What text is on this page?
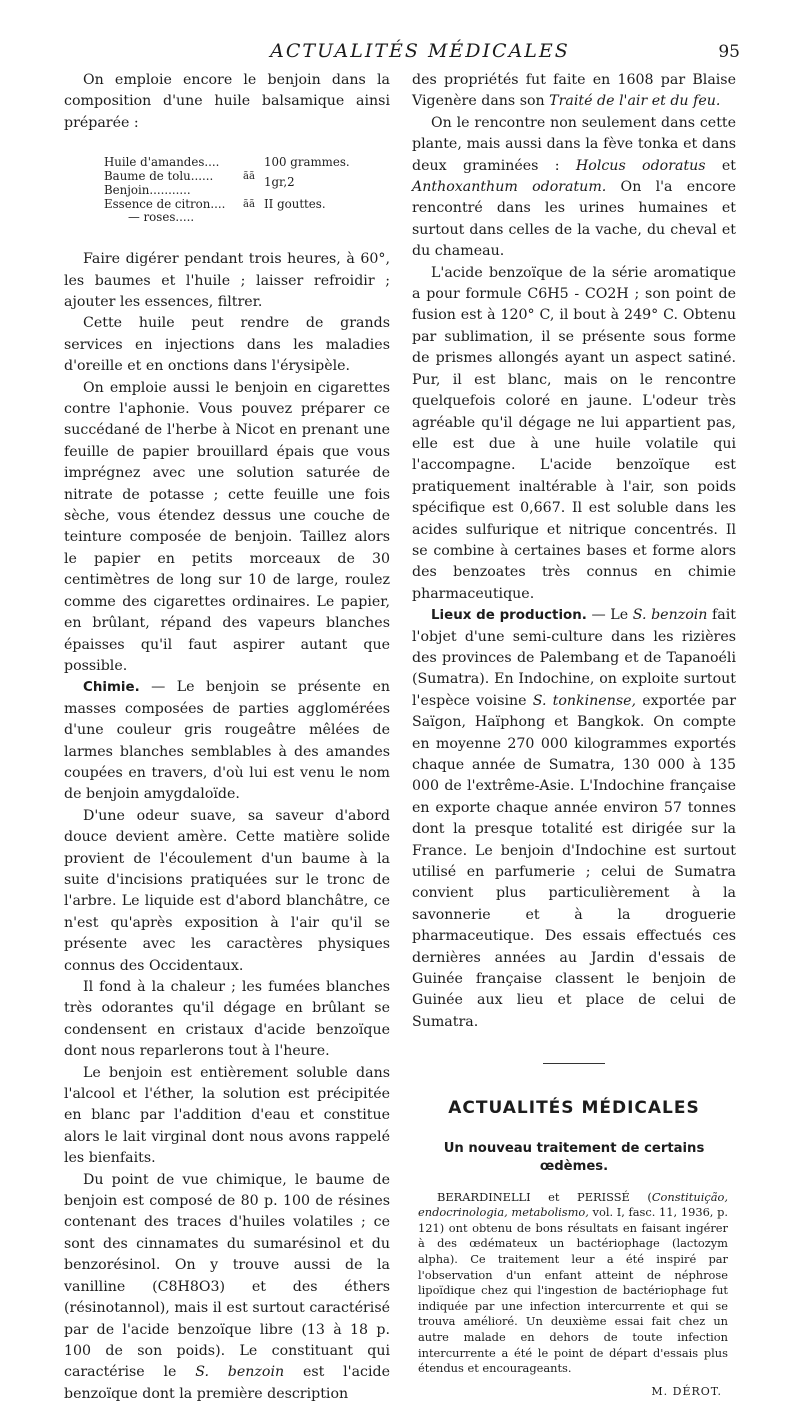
ACTUALITÉS MÉDICALES	95

On emploie encore le benjoin dans la composition d'une huile balsamique ainsi préparée :

Huile d'amandes....
Baume de tolu......
Benjoin...........
Essence de citron....
— roses.....

ãã

ãã

100 grammes.
1gr,2

II gouttes.

Faire digérer pendant trois heures, à 60°, les baumes et l'huile ; laisser refroidir ; ajouter les essences, filtrer.

Cette huile peut rendre de grands services en injections dans les maladies d'oreille et en onctions dans l'érysipèle.

On emploie aussi le benjoin en cigarettes contre l'aphonie. Vous pouvez préparer ce succédané de l'herbe à Nicot en prenant une feuille de papier brouillard épais que vous imprégnez avec une solution saturée de nitrate de potasse ; cette feuille une fois sèche, vous étendez dessus une couche de teinture composée de benjoin. Taillez alors le papier en petits morceaux de 30 centimètres de long sur 10 de large, roulez comme des cigarettes ordinaires. Le papier, en brûlant, répand des vapeurs blanches épaisses qu'il faut aspirer autant que possible.

Chimie. — Le benjoin se présente en masses composées de parties agglomérées d'une couleur gris rougeâtre mêlées de larmes blanches semblables à des amandes coupées en travers, d'où lui est venu le nom de benjoin amygdaloïde.

D'une odeur suave, sa saveur d'abord douce devient amère. Cette matière solide provient de l'écoulement d'un baume à la suite d'incisions pratiquées sur le tronc de l'arbre. Le liquide est d'abord blanchâtre, ce n'est qu'après exposition à l'air qu'il se présente avec les caractères physiques connus des Occidentaux.

Il fond à la chaleur ; les fumées blanches très odorantes qu'il dégage en brûlant se condensent en cristaux d'acide benzoïque dont nous reparlerons tout à l'heure.

Le benjoin est entièrement soluble dans l'alcool et l'éther, la solution est précipitée en blanc par l'addition d'eau et constitue alors le lait virginal dont nous avons rappelé les bienfaits.

Du point de vue chimique, le baume de benjoin est composé de 80 p. 100 de résines contenant des traces d'huiles volatiles ; ce sont des cinnamates du sumarésinol et du benzorésinol. On y trouve aussi de la vanilline (C8H8O3) et des éthers (résinotannol), mais il est surtout caractérisé par de l'acide benzoïque libre (13 à 18 p. 100 de son poids). Le constituant qui caractérise le S. benzoin est l'acide benzoïque dont la première description

des propriétés fut faite en 1608 par Blaise Vigenère dans son Traité de l'air et du feu.

On le rencontre non seulement dans cette plante, mais aussi dans la fève tonka et dans deux graminées : Holcus odoratus et Anthoxanthum odoratum. On l'a encore rencontré dans les urines humaines et surtout dans celles de la vache, du cheval et du chameau.

L'acide benzoïque de la série aromatique a pour formule C6H5 - CO2H ; son point de fusion est à 120° C, il bout à 249° C. Obtenu par sublimation, il se présente sous forme de prismes allongés ayant un aspect satiné. Pur, il est blanc, mais on le rencontre quelquefois coloré en jaune. L'odeur très agréable qu'il dégage ne lui appartient pas, elle est due à une huile volatile qui l'accompagne. L'acide benzoïque est pratiquement inaltérable à l'air, son poids spécifique est 0,667. Il est soluble dans les acides sulfurique et nitrique concentrés. Il se combine à certaines bases et forme alors des benzoates très connus en chimie pharmaceutique.

Lieux de production. — Le S. benzoin fait l'objet d'une semi-culture dans les rizières des provinces de Palembang et de Tapanoéli (Sumatra). En Indochine, on exploite surtout l'espèce voisine S. tonkinense, exportée par Saïgon, Haïphong et Bangkok. On compte en moyenne 270 000 kilogrammes exportés chaque année de Sumatra, 130 000 à 135 000 de l'extrême-Asie. L'Indochine française en exporte chaque année environ 57 tonnes dont la presque totalité est dirigée sur la France. Le benjoin d'Indochine est surtout utilisé en parfumerie ; celui de Sumatra convient plus particulièrement à la savonnerie et à la droguerie pharmaceutique. Des essais effectués ces dernières années au Jardin d'essais de Guinée française classent le benjoin de Guinée aux lieu et place de celui de Sumatra.

ACTUALITÉS MÉDICALES
Un nouveau traitement de certains œdèmes.

BERARDINELLI et PERISSÉ (Constituição, endocrinologia, metabolismo, vol. I, fasc. 11, 1936, p. 121) ont obtenu de bons résultats en faisant ingérer à des œdémateux un bactériophage (lactozym alpha). Ce traitement leur a été inspiré par l'observation d'un enfant atteint de néphrose lipoïdique chez qui l'ingestion de bactériophage fut indiquée par une infection intercurrente et qui se trouva amélioré. Un deuxième essai fait chez un autre malade en dehors de toute infection intercurrente a été le point de départ d'essais plus étendus et encourageants.

M. DÉROT.
